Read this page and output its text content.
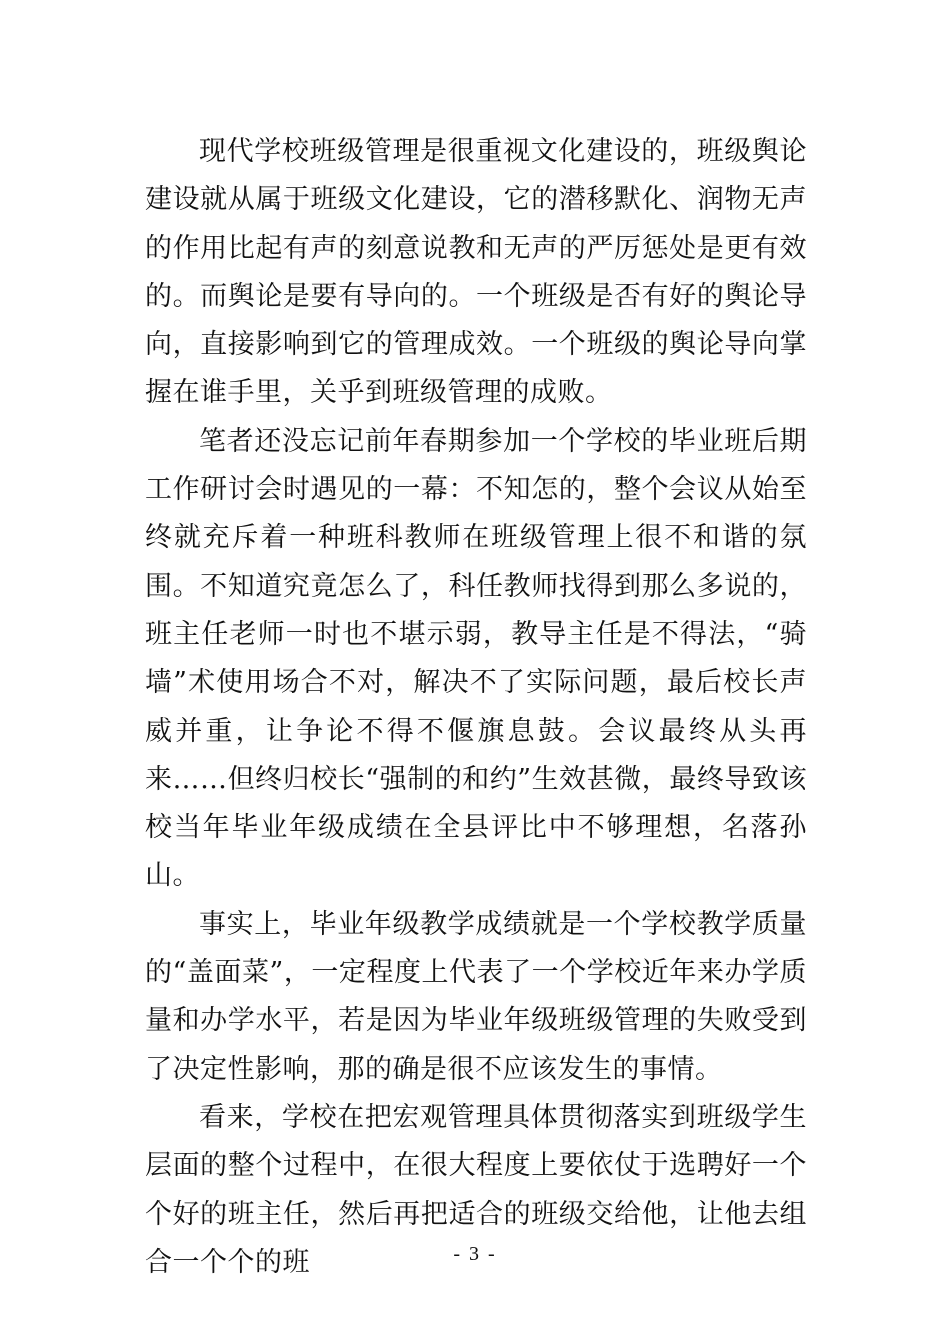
现代学校班级管理是很重视文化建设的，班级舆论建设就从属于班级文化建设，它的潜移默化、润物无声的作用比起有声的刻意说教和无声的严厉惩处是更有效的。而舆论是要有导向的。一个班级是否有好的舆论导向，直接影响到它的管理成效。一个班级的舆论导向掌握在谁手里，关乎到班级管理的成败。

笔者还没忘记前年春期参加一个学校的毕业班后期工作研讨会时遇见的一幕：不知怎的，整个会议从始至终就充斥着一种班科教师在班级管理上很不和谐的氛围。不知道究竟怎么了，科任教师找得到那么多说的，班主任老师一时也不堪示弱，教导主任是不得法，“骑墙”术使用场合不对，解决不了实际问题，最后校长声威并重，让争论不得不偃旗息鼓。会议最终从头再来……但终归校长“强制的和约”生效甚微，最终导致该校当年毕业年级成绩在全县评比中不够理想，名落孙山。

事实上，毕业年级教学成绩就是一个学校教学质量的“盖面菜”，一定程度上代表了一个学校近年来办学质量和办学水平，若是因为毕业年级班级管理的失败受到了决定性影响，那的确是很不应该发生的事情。

看来，学校在把宏观管理具体贯彻落实到班级学生层面的整个过程中，在很大程度上要依仗于选聘好一个个好的班主任，然后再把适合的班级交给他，让他去组合一个个的班	- 3 -
